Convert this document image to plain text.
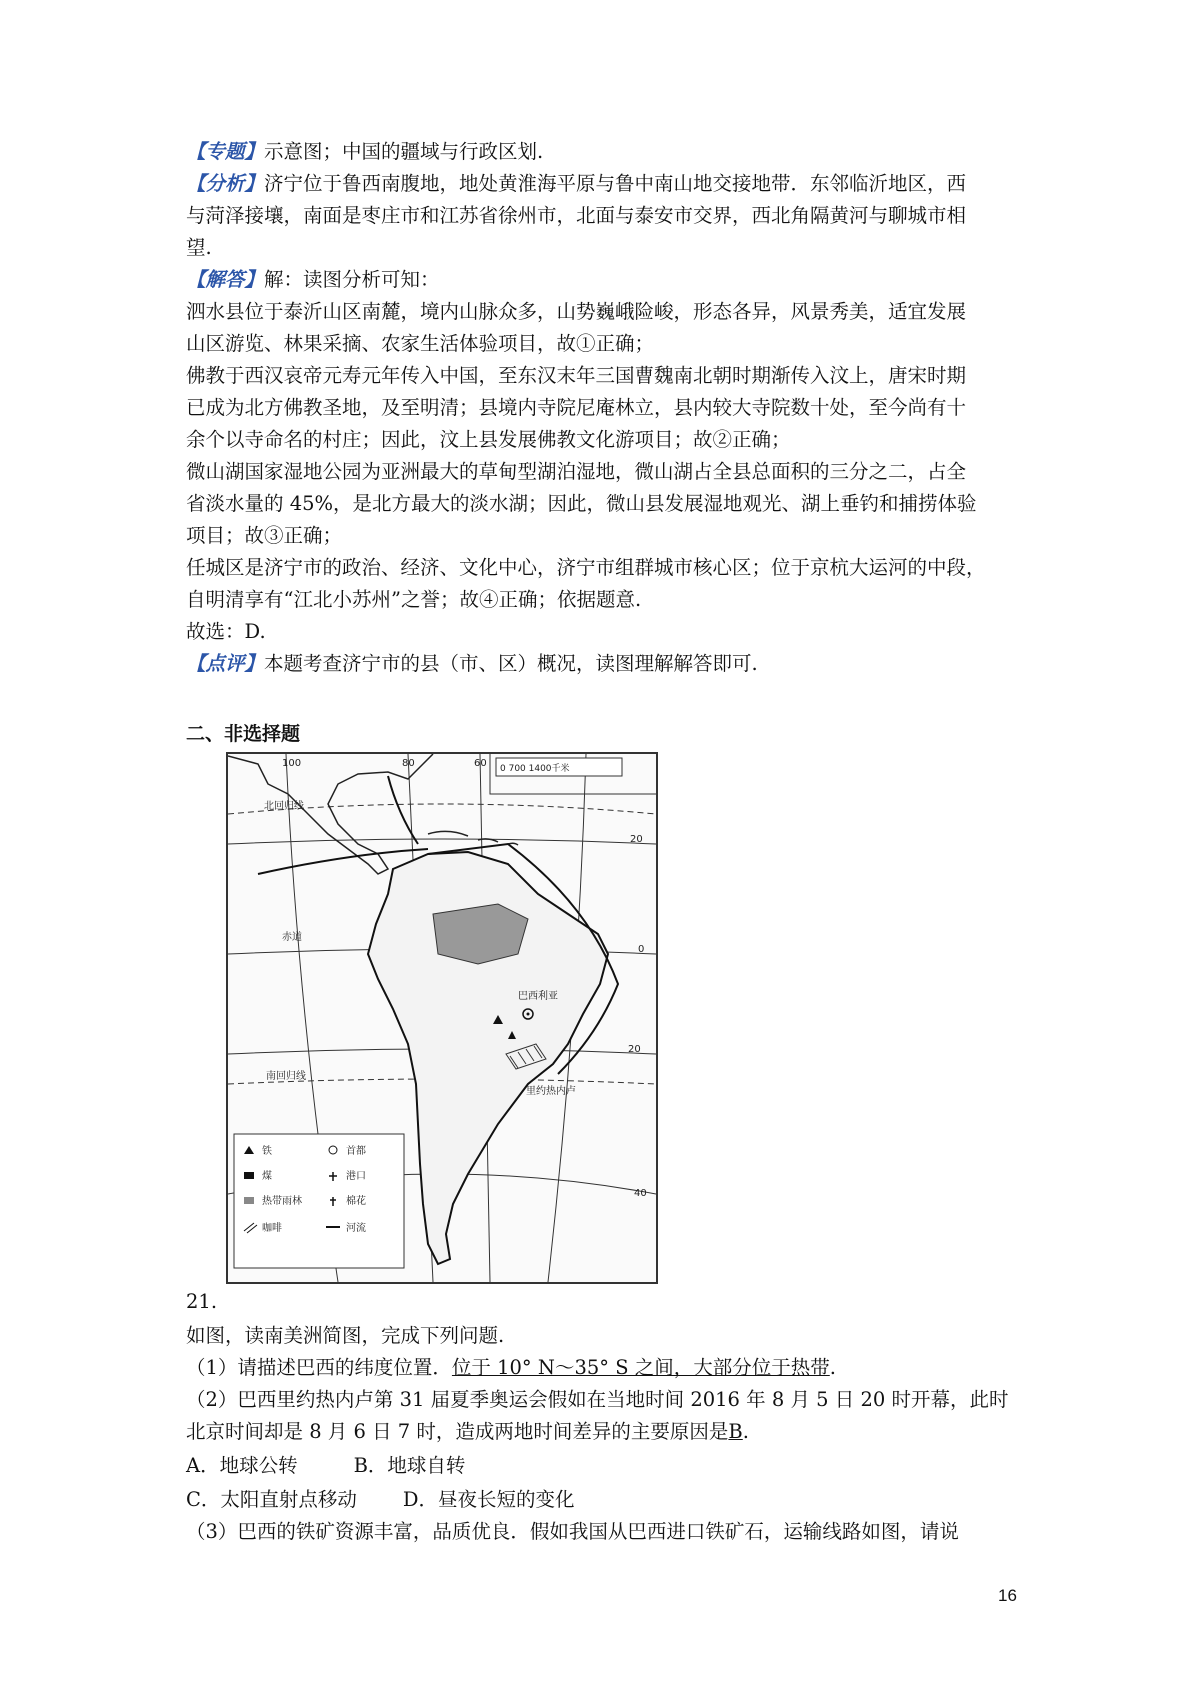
【专题】示意图；中国的疆域与行政区划.
【分析】济宁位于鲁西南腹地，地处黄淮海平原与鲁中南山地交接地带．东邻临沂地区，西
与菏泽接壤，南面是枣庄市和江苏省徐州市，北面与泰安市交界，西北角隔黄河与聊城市相
望.
【解答】解：读图分析可知：
泗水县位于泰沂山区南麓，境内山脉众多，山势巍峨险峻，形态各异，风景秀美，适宜发展
山区游览、林果采摘、农家生活体验项目，故①正确；
佛教于西汉哀帝元寿元年传入中国，至东汉末年三国曹魏南北朝时期渐传入汶上，唐宋时期
已成为北方佛教圣地，及至明清；县境内寺院尼庵林立，县内较大寺院数十处，至今尚有十
余个以寺命名的村庄；因此，汶上县发展佛教文化游项目；故②正确；
微山湖国家湿地公园为亚洲最大的草甸型湖泊湿地，微山湖占全县总面积的三分之二，占全
省淡水量的 45%，是北方最大的淡水湖；因此，微山县发展湿地观光、湖上垂钓和捕捞体验
项目；故③正确；
任城区是济宁市的政治、经济、文化中心，济宁市组群城市核心区；位于京杭大运河的中段，
自明清享有“江北小苏州”之誉；故④正确；依据题意.
故选：D.
【点评】本题考查济宁市的县（市、区）概况，读图理解解答即可.
二、非选择题
100	80	60
20
0
20
40
0 700 1400千米
北回归线
赤道
南回归线
巴西利亚
里约热内卢
铁
煤
热带雨林
咖啡
首都
港口
棉花
河流
21.
如图，读南美洲简图，完成下列问题.
（1）请描述巴西的纬度位置．位于 10° N～35° S 之间，大部分位于热带.
（2）巴西里约热内卢第 31 届夏季奥运会假如在当地时间 2016 年 8 月 5 日 20 时开幕，此时
北京时间却是 8 月 6 日 7 时，造成两地时间差异的主要原因是B.
A．地球公转	B．地球自转
C．太阳直射点移动 D．昼夜长短的变化
（3）巴西的铁矿资源丰富，品质优良．假如我国从巴西进口铁矿石，运输线路如图，请说
16
